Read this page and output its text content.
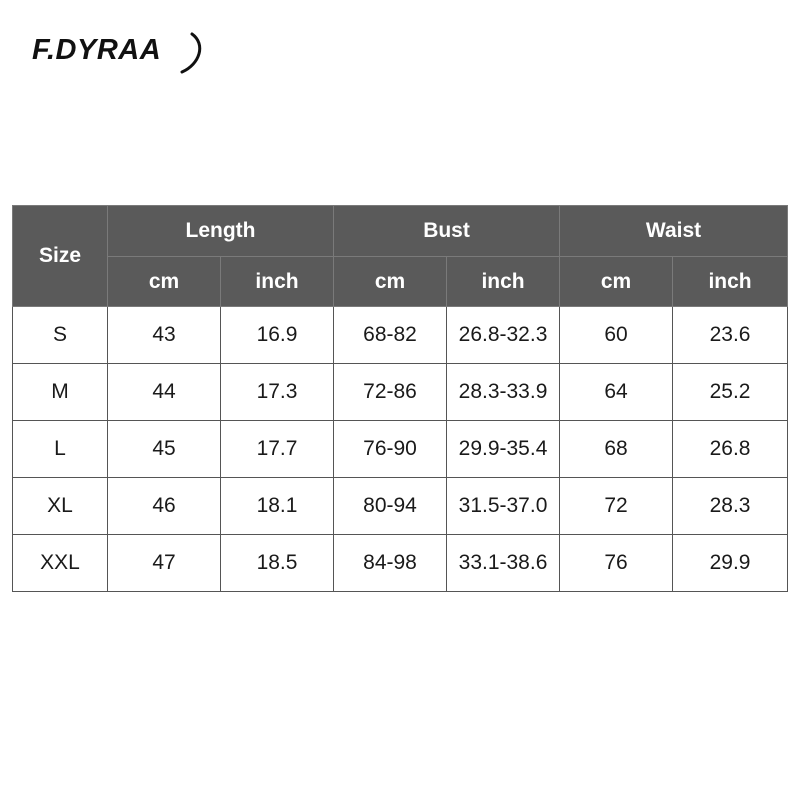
F.DYRAA
Size	Length		Bust		Waist	
	cm	inch	cm	inch	cm	inch
S	43	16.9	68-82	26.8-32.3	60	23.6
M	44	17.3	72-86	28.3-33.9	64	25.2
L	45	17.7	76-90	29.9-35.4	68	26.8
XL	46	18.1	80-94	31.5-37.0	72	28.3
XXL	47	18.5	84-98	33.1-38.6	76	29.9
